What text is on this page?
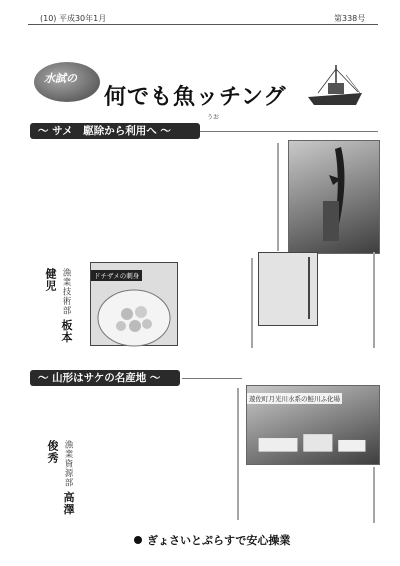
(10) 平成30年1月	第338号
水試の
何でも魚ッチング
うお
～ サメ　駆除から利用へ ～
ドチザメの刺身
漁業技術部 板本　健児
～ 山形はサケの名産地 ～
遊佐町月光川水系の鮭川ふ化場
漁業資源部 高澤　俊秀
ぎょさいとぷらすで安心操業
